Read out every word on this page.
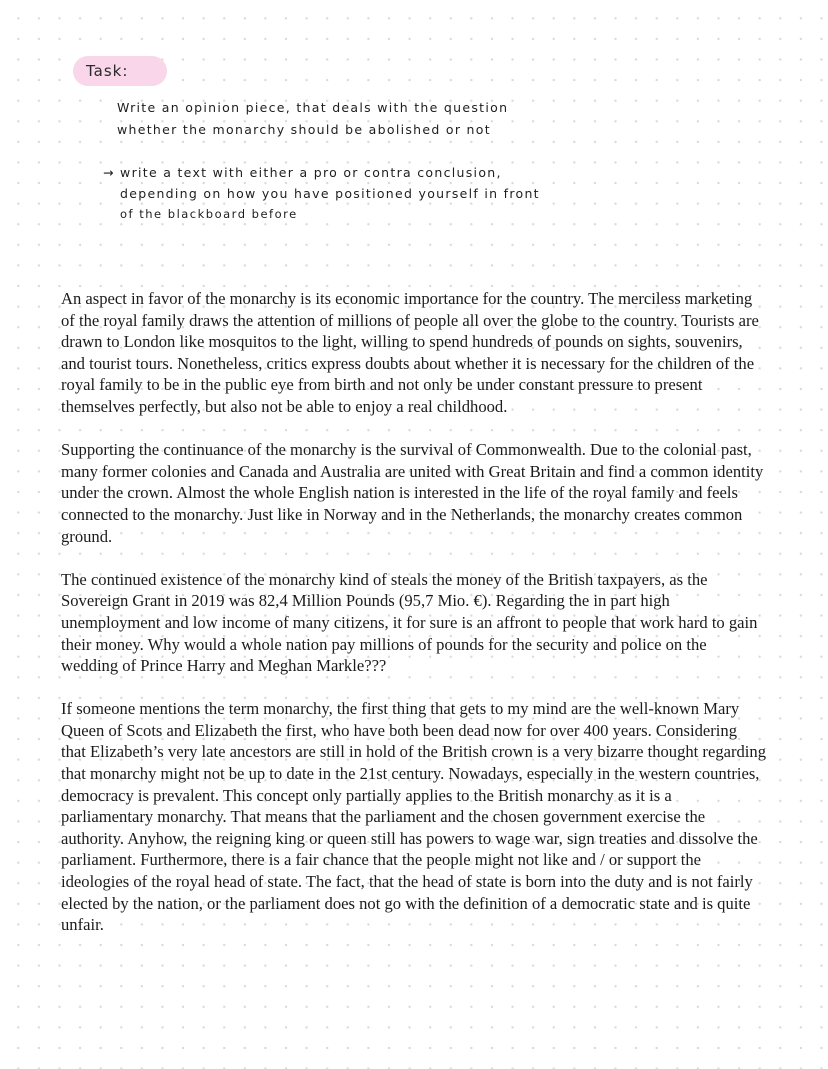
Task:
Write an opinion piece, that deals with the question
whether the monarchy should be abolished or not
→ write a text with either a pro or contra conclusion,
depending on how you have positioned yourself in front
of the blackboard before

An aspect in favor of the monarchy is its economic importance for the country. The merciless marketing of the royal family draws the attention of millions of people all over the globe to the country. Tourists are drawn to London like mosquitos to the light, willing to spend hundreds of pounds on sights, souvenirs, and tourist tours. Nonetheless, critics express doubts about whether it is necessary for the children of the royal family to be in the public eye from birth and not only be under constant pressure to present themselves perfectly, but also not be able to enjoy a real childhood.

Supporting the continuance of the monarchy is the survival of Commonwealth. Due to the colonial past, many former colonies and Canada and Australia are united with Great Britain and find a common identity under the crown. Almost the whole English nation is interested in the life of the royal family and feels connected to the monarchy. Just like in Norway and in the Netherlands, the monarchy creates common ground.

The continued existence of the monarchy kind of steals the money of the British taxpayers, as the Sovereign Grant in 2019 was 82,4 Million Pounds (95,7 Mio. €). Regarding the in part high unemployment and low income of many citizens, it for sure is an affront to people that work hard to gain their money. Why would a whole nation pay millions of pounds for the security and police on the wedding of Prince Harry and Meghan Markle???

If someone mentions the term monarchy, the first thing that gets to my mind are the well-known Mary Queen of Scots and Elizabeth the first, who have both been dead now for over 400 years. Considering that Elizabeth’s very late ancestors are still in hold of the British crown is a very bizarre thought regarding that monarchy might not be up to date in the 21st century. Nowadays, especially in the western countries, democracy is prevalent. This concept only partially applies to the British monarchy as it is a parliamentary monarchy. That means that the parliament and the chosen government exercise the authority. Anyhow, the reigning king or queen still has powers to wage war, sign treaties and dissolve the parliament. Furthermore, there is a fair chance that the people might not like and / or support the ideologies of the royal head of state. The fact, that the head of state is born into the duty and is not fairly elected by the nation, or the parliament does not go with the definition of a democratic state and is quite unfair.
